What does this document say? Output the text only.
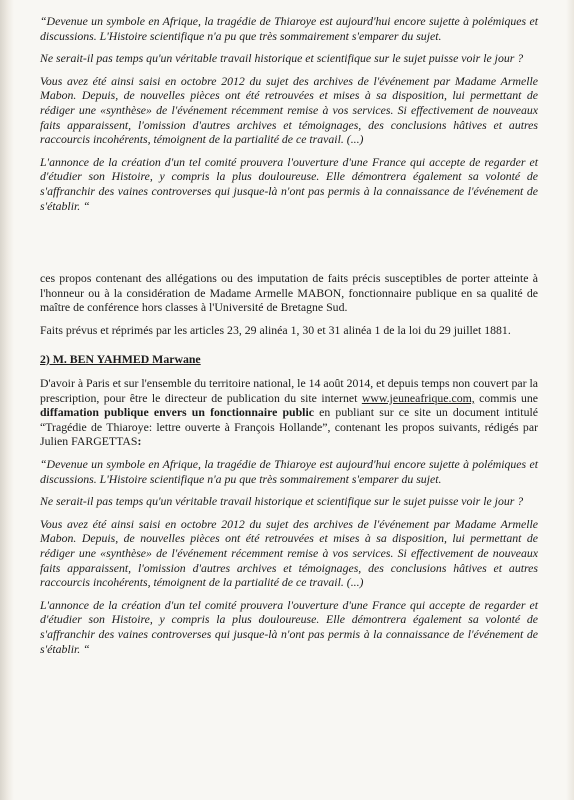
“Devenue un symbole en Afrique, la tragédie de Thiaroye est aujourd'hui encore sujette à polémiques et discussions. L'Histoire scientifique n'a pu que très sommairement s'emparer du sujet.

Ne serait-il pas temps qu'un véritable travail historique et scientifique sur le sujet puisse voir le jour ?

Vous avez été ainsi saisi en octobre 2012 du sujet des archives de l'événement par Madame Armelle Mabon. Depuis, de nouvelles pièces ont été retrouvées et mises à sa disposition, lui permettant de rédiger une «synthèse» de l'événement récemment remise à vos services. Si effectivement de nouveaux faits apparaissent, l'omission d'autres archives et témoignages, des conclusions hâtives et autres raccourcis incohérents, témoignent de la partialité de ce travail. (...)

L'annonce de la création d'un tel comité prouvera l'ouverture d'une France qui accepte de regarder et d'étudier son Histoire, y compris la plus douloureuse. Elle démontrera également sa volonté de s'affranchir des vaines controverses qui jusque-là n'ont pas permis à la connaissance de l'événement de s'établir. “

ces propos contenant des allégations ou des imputation de faits précis susceptibles de porter atteinte à l'honneur ou à la considération de Madame Armelle MABON, fonctionnaire publique en sa qualité de maître de conférence hors classes à l'Université de Bretagne Sud.

Faits prévus et réprimés par les articles 23, 29 alinéa 1, 30 et 31 alinéa 1 de la loi du 29 juillet 1881.

2) M. BEN YAHMED Marwane

D'avoir à Paris et sur l'ensemble du territoire national, le 14 août 2014, et depuis temps non couvert par la prescription, pour être le directeur de publication du site internet www.jeuneafrique.com, commis une diffamation publique envers un fonctionnaire public en publiant sur ce site un document intitulé “Tragédie de Thiaroye: lettre ouverte à François Hollande”, contenant les propos suivants, rédigés par Julien FARGETTAS:

“Devenue un symbole en Afrique, la tragédie de Thiaroye est aujourd'hui encore sujette à polémiques et discussions. L'Histoire scientifique n'a pu que très sommairement s'emparer du sujet.

Ne serait-il pas temps qu'un véritable travail historique et scientifique sur le sujet puisse voir le jour ?

Vous avez été ainsi saisi en octobre 2012 du sujet des archives de l'événement par Madame Armelle Mabon. Depuis, de nouvelles pièces ont été retrouvées et mises à sa disposition, lui permettant de rédiger une «synthèse» de l'événement récemment remise à vos services. Si effectivement de nouveaux faits apparaissent, l'omission d'autres archives et témoignages, des conclusions hâtives et autres raccourcis incohérents, témoignent de la partialité de ce travail. (...)

L'annonce de la création d'un tel comité prouvera l'ouverture d'une France qui accepte de regarder et d'étudier son Histoire, y compris la plus douloureuse. Elle démontrera également sa volonté de s'affranchir des vaines controverses qui jusque-là n'ont pas permis à la connaissance de l'événement de s'établir. “
